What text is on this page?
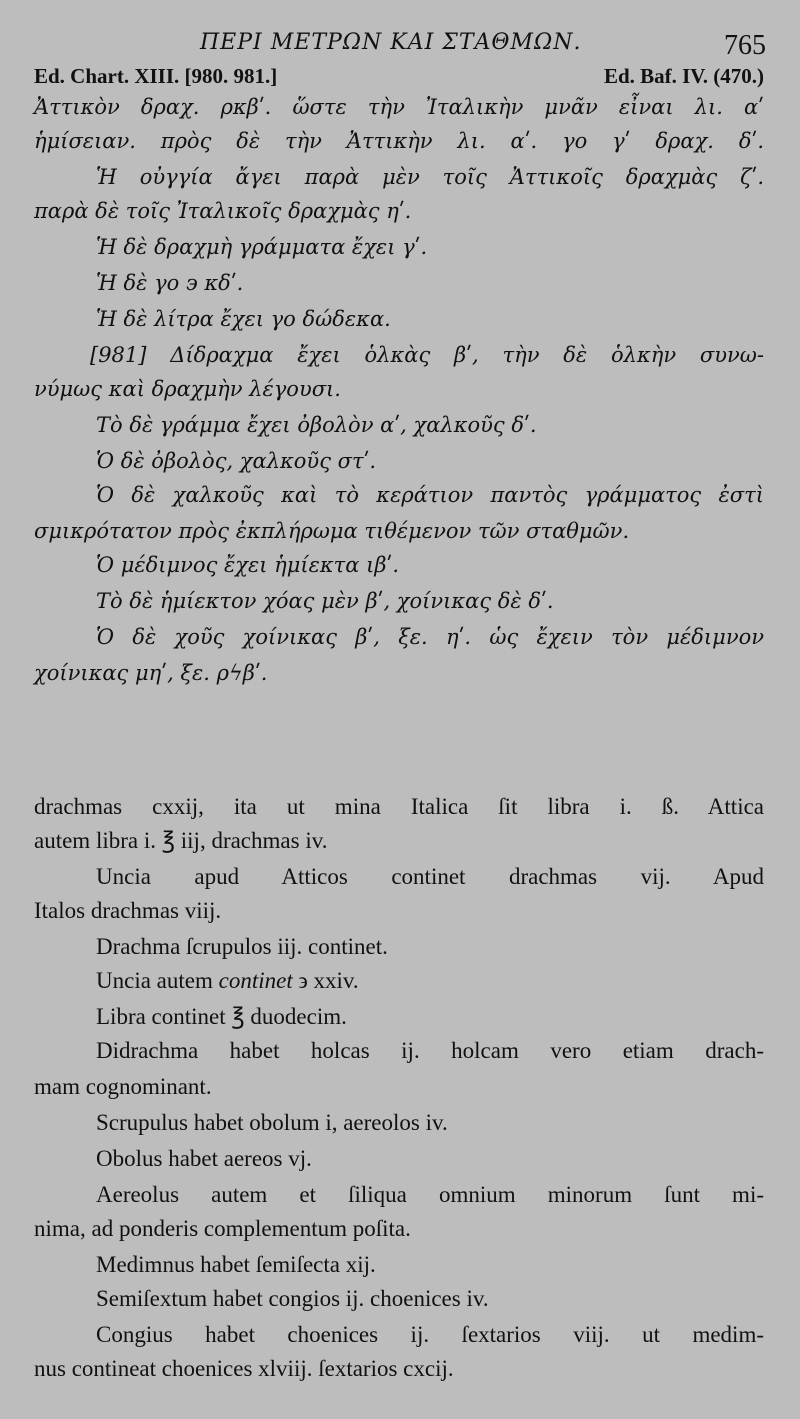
ΠΕΡΙ ΜΕΤΡΩΝ ΚΑΙ ΣΤΑΘΜΩΝ.	765
Ed. Chart. XIII. [980. 981.]	Ed. Baf. IV. (470.)
Ἀττικὸν δραχ. ρκβʹ. ὥστε τὴν Ἰταλικὴν μνᾶν εἶναι λι. αʹ
ἡμίσειαν. πρὸς δὲ τὴν Ἀττικὴν λι. αʹ. γο γʹ δραχ. δʹ.
Ἡ οὐγγία ἄγει παρὰ μὲν τοῖς Ἀττικοῖς δραχμὰς ζʹ.
παρὰ δὲ τοῖς Ἰταλικοῖς δραχμὰς ηʹ.
Ἡ δὲ δραχμὴ γράμματα ἔχει γʹ.
Ἡ δὲ γο ϶ κδʹ.
Ἡ δὲ λίτρα ἔχει γο δώδεκα.
[981] Δίδραχμα ἔχει ὁλκὰς βʹ, τὴν δὲ ὁλκὴν συνω-
νύμως καὶ δραχμὴν λέγουσι.
Τὸ δὲ γράμμα ἔχει ὀβολὸν αʹ, χαλκοῦς δʹ.
Ὁ δὲ ὀβολὸς, χαλκοῦς στʹ.
Ὁ δὲ χαλκοῦς καὶ τὸ κεράτιον παντὸς γράμματος ἐστὶ
σμικρότατον πρὸς ἐκπλήρωμα τιθέμενον τῶν σταθμῶν.
Ὁ μέδιμνος ἔχει ἡμίεκτα ιβʹ.
Τὸ δὲ ἡμίεκτον χόας μὲν βʹ, χοίνικας δὲ δʹ.
Ὁ δὲ χοῦς χοίνικας βʹ, ξε. ηʹ. ὡς ἔχειν τὸν μέδιμνον
χοίνικας μηʹ, ξε. ρϟβʹ.
drachmas cxxij, ita ut mina Italica ſit libra i. ß. Attica
autem libra i. ℥ iij, drachmas iv.
Uncia apud Atticos continet drachmas vij. Apud
Italos drachmas viij.
Drachma ſcrupulos iij. continet.
Uncia autem continet ϶ xxiv.
Libra continet ℥ duodecim.
Didrachma habet holcas ij. holcam vero etiam drach-
mam cognominant.
Scrupulus habet obolum i, aereolos iv.
Obolus habet aereos vj.
Aereolus autem et ſiliqua omnium minorum ſunt mi-
nima, ad ponderis complementum poſita.
Medimnus habet ſemiſecta xij.
Semiſextum habet congios ij. choenices iv.
Congius habet choenices ij. ſextarios viij. ut medim-
nus contineat choenices xlviij. ſextarios cxcij.
